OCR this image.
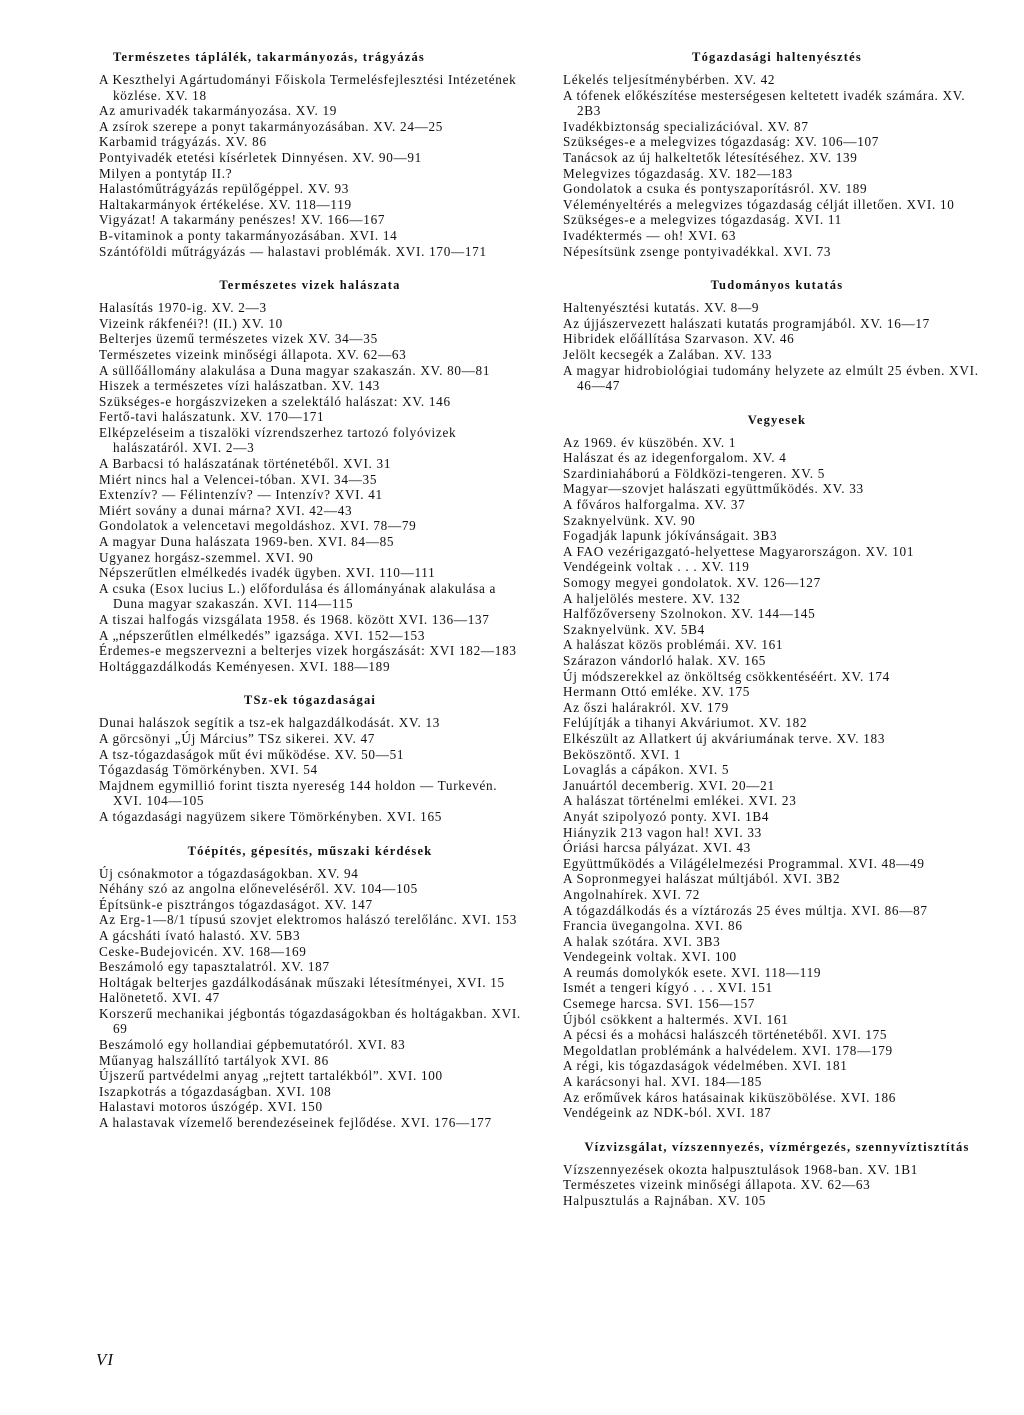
Természetes táplálék, takarmányozás, trágyázás

A Keszthelyi Agártudományi Főiskola Termelésfejlesztési Intézetének közlése. XV. 18

Az amurivadék takarmányozása. XV. 19

A zsírok szerepe a ponyt takarmányozásában. XV. 24—25

Karbamid trágyázás. XV. 86

Pontyivadék etetési kísérletek Dinnyésen. XV. 90—91

Milyen a pontytáp II.?

Halastóműtrágyázás repülőgéppel. XV. 93

Haltakarmányok értékelése. XV. 118—119

Vigyázat! A takarmány penészes! XV. 166—167

B-vitaminok a ponty takarmányozásában. XVI. 14

Szántóföldi műtrágyázás — halastavi problémák. XVI. 170—171

Természetes vizek halászata

Halasítás 1970-ig. XV. 2—3

Vizeink rákfenéi?! (II.) XV. 10

Belterjes üzemű természetes vizek XV. 34—35

Természetes vizeink minőségi állapota. XV. 62—63

A süllőállomány alakulása a Duna magyar szakaszán. XV. 80—81

Hiszek a természetes vízi halászatban. XV. 143

Szükséges-e horgászvizeken a szelektáló halászat: XV. 146

Fertő-tavi halászatunk. XV. 170—171

Elképzeléseim a tiszalöki vízrendszerhez tartozó folyóvizek halászatáról. XVI. 2—3

A Barbacsi tó halászatának történetéből. XVI. 31

Miért nincs hal a Velencei-tóban. XVI. 34—35

Extenzív? — Félintenzív? — Intenzív? XVI. 41

Miért sovány a dunai márna? XVI. 42—43

Gondolatok a velencetavi megoldáshoz. XVI. 78—79

A magyar Duna halászata 1969-ben. XVI. 84—85

Ugyanez horgász-szemmel. XVI. 90

Népszerűtlen elmélkedés ivadék ügyben. XVI. 110—111

A csuka (Esox lucius L.) előfordulása és állományának alakulása a Duna magyar szakaszán. XVI. 114—115

A tiszai halfogás vizsgálata 1958. és 1968. között XVI. 136—137

A „népszerűtlen elmélkedés” igazsága. XVI. 152—153

Érdemes-e megszervezni a belterjes vizek horgászását: XVI 182—183

Holtággazdálkodás Keményesen. XVI. 188—189

TSz-ek tógazdaságai

Dunai halászok segítik a tsz-ek halgazdálkodását. XV. 13

A görcsönyi „Új Március” TSz sikerei. XV. 47

A tsz-tógazdaságok műt évi működése. XV. 50—51

Tógazdaság Tömörkényben. XVI. 54

Majdnem egymillió forint tiszta nyereség 144 holdon — Turkevén. XVI. 104—105

A tógazdasági nagyüzem sikere Tömörkényben. XVI. 165

Tóépítés, gépesítés, műszaki kérdések

Új csónakmotor a tógazdaságokban. XV. 94

Néhány szó az angolna előneveléséről. XV. 104—105

Építsünk-e pisztrángos tógazdaságot. XV. 147

Az Erg-1—8/1 típusú szovjet elektromos halászó terelőlánc. XVI. 153

A gácsháti ívató halastó. XV. 5B3

Ceske-Budejovicén. XV. 168—169

Beszámoló egy tapasztalatról. XV. 187

Holtágak belterjes gazdálkodásának műszaki létesítményei, XVI. 15

Halönetető. XVI. 47

Korszerű mechanikai jégbontás tógazdaságokban és holtágakban. XVI. 69

Beszámoló egy hollandiai gépbemutatóról. XVI. 83

Műanyag halszállító tartályok XVI. 86

Újszerű partvédelmi anyag „rejtett tartalékból”. XVI. 100

Iszapkotrás a tógazdaságban. XVI. 108

Halastavi motoros úszógép. XVI. 150

A halastavak vízemelő berendezéseinek fejlődése. XVI. 176—177

Tógazdasági haltenyésztés

Lékelés teljesítménybérben. XV. 42

A tófenek előkészítése mesterségesen keltetett ivadék számára. XV. 2B3

Ivadékbiztonság specializációval. XV. 87

Szükséges-e a melegvizes tógazdaság: XV. 106—107

Tanácsok az új halkeltetők létesítéséhez. XV. 139

Melegvizes tógazdaság. XV. 182—183

Gondolatok a csuka és pontyszaporításról. XV. 189

Véleményeltérés a melegvizes tógazdaság célját illetően. XVI. 10

Szükséges-e a melegvizes tógazdaság. XVI. 11

Ivadéktermés — oh! XVI. 63

Népesítsünk zsenge pontyivadékkal. XVI. 73

Tudományos kutatás

Haltenyésztési kutatás. XV. 8—9

Az újjászervezett halászati kutatás programjából. XV. 16—17

Hibridek előállítása Szarvason. XV. 46

Jelölt kecsegék a Zalában. XV. 133

A magyar hidrobiológiai tudomány helyzete az elmúlt 25 évben. XVI. 46—47

Vegyesek

Az 1969. év küszöbén. XV. 1

Halászat és az idegenforgalom. XV. 4

Szardiniaháború a Földközi-tengeren. XV. 5

Magyar—szovjet halászati együttműködés. XV. 33

A főváros halforgalma. XV. 37

Szaknyelvünk. XV. 90

Fogadják lapunk jókívánságait. 3B3

A FAO vezérigazgató-helyettese Magyarországon. XV. 101

Vendégeink voltak . . . XV. 119

Somogy megyei gondolatok. XV. 126—127

A haljelölés mestere. XV. 132

Halfőzőverseny Szolnokon. XV. 144—145

Szaknyelvünk. XV. 5B4

A halászat közös problémái. XV. 161

Szárazon vándorló halak. XV. 165

Új módszerekkel az önköltség csökkentéséért. XV. 174

Hermann Ottó emléke. XV. 175

Az őszi halárakról. XV. 179

Felújítják a tihanyi Akváriumot. XV. 182

Elkészült az Allatkert új akváriumának terve. XV. 183

Beköszöntő. XVI. 1

Lovaglás a cápákon. XVI. 5

Januártól decemberig. XVI. 20—21

A halászat történelmi emlékei. XVI. 23

Anyát szipolyozó ponty. XVI. 1B4

Hiányzik 213 vagon hal! XVI. 33

Óriási harcsa pályázat. XVI. 43

Együttműködés a Világélelmezési Programmal. XVI. 48—49

A Sopronmegyei halászat múltjából. XVI. 3B2

Angolnahírek. XVI. 72

A tógazdálkodás és a víztározás 25 éves múltja. XVI. 86—87

Francia üvegangolna. XVI. 86

A halak szótára. XVI. 3B3

Vendegeink voltak. XVI. 100

A reumás domolykók esete. XVI. 118—119

Ismét a tengeri kígyó . . . XVI. 151

Csemege harcsa. SVI. 156—157

Újból csökkent a haltermés. XVI. 161

A pécsi és a mohácsi halászcéh történetéből. XVI. 175

Megoldatlan problémánk a halvédelem. XVI. 178—179

A régi, kis tógazdaságok védelmében. XVI. 181

A karácsonyi hal. XVI. 184—185

Az erőművek káros hatásainak kiküszöbölése. XVI. 186

Vendégeink az NDK-ból. XVI. 187

Vízvizsgálat, vízszennyezés, vízmérgezés, szennyvíztisztítás

Vízszennyezések okozta halpusztulások 1968-ban. XV. 1B1

Természetes vizeink minőségi állapota. XV. 62—63

Halpusztulás a Rajnában. XV. 105

VI
